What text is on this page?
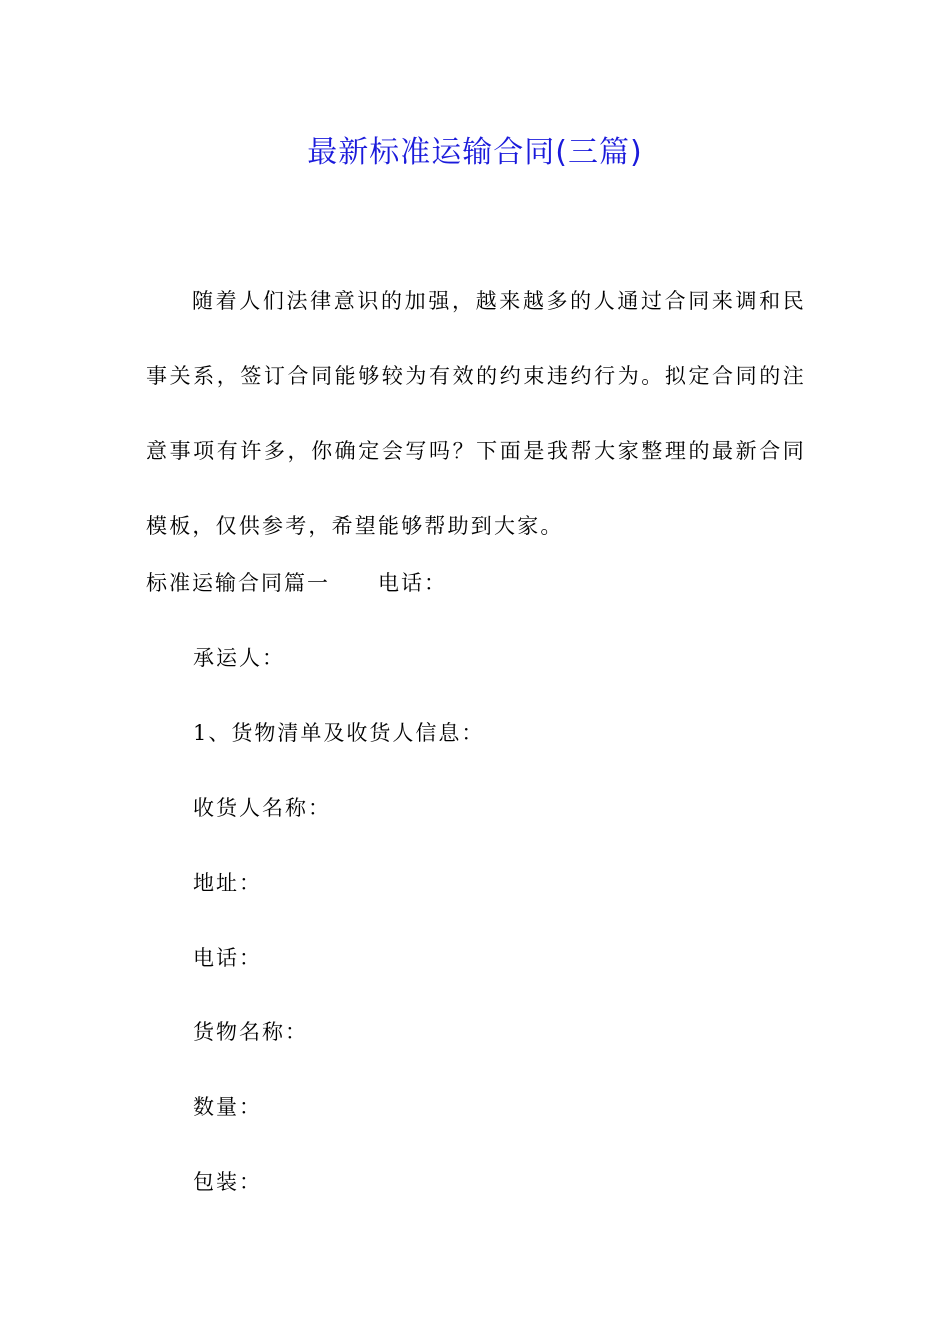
最新标准运输合同(三篇)

随着人们法律意识的加强，越来越多的人通过合同来调和民事关系，签订合同能够较为有效的约束违约行为。拟定合同的注意事项有许多，你确定会写吗？下面是我帮大家整理的最新合同模板，仅供参考，希望能够帮助到大家。

标准运输合同篇一 电话：

承运人：

1、货物清单及收货人信息：

收货人名称：

地址：

电话：

货物名称：

数量：

包装：
